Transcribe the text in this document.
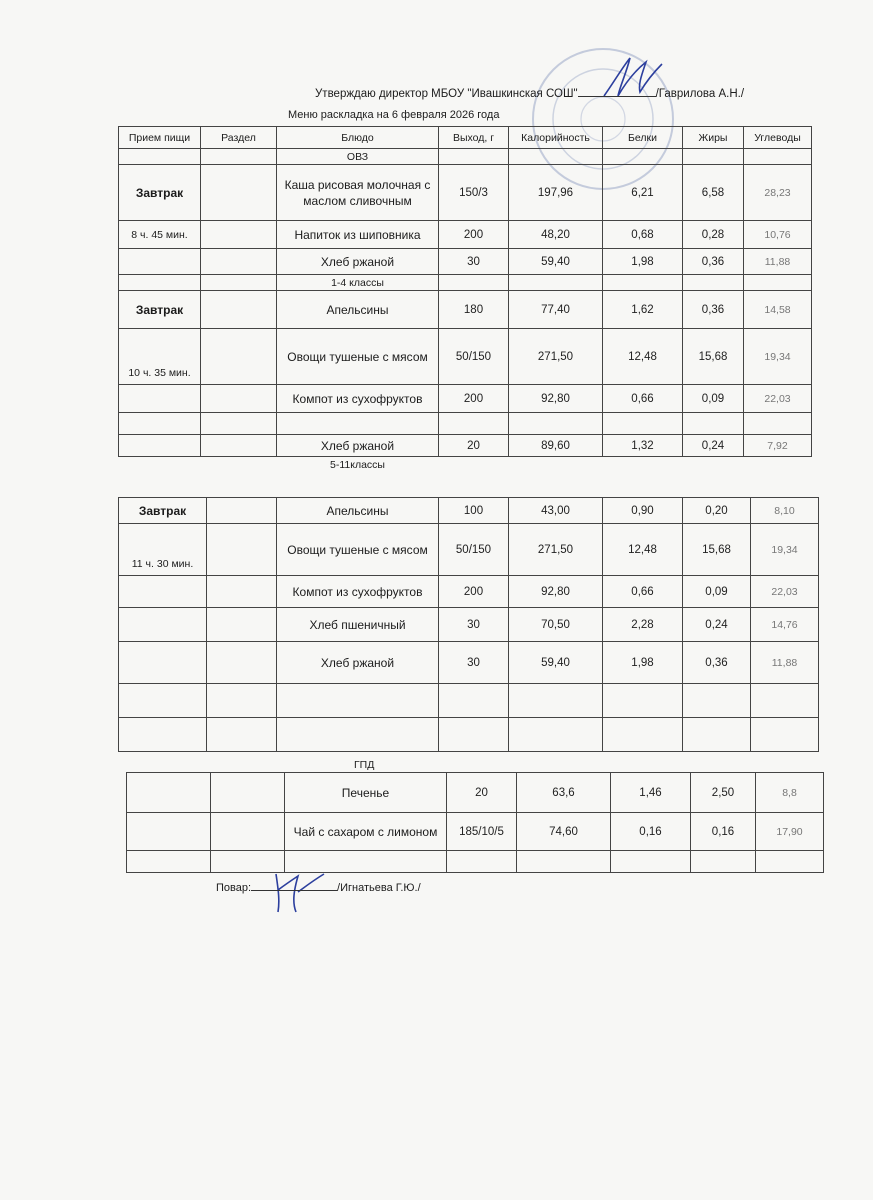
Утверждаю директор МБОУ "Ивашкинская СОШ"	/Гаврилова А.Н./
Меню раскладка на 6 февраля 2026 года
Прием пищи	Раздел	Блюдо	Выход, г	Калорийность	Белки	Жиры	Углеводы
		ОВЗ					
Завтрак		Каша рисовая молочная с маслом сливочным	150/3	197,96	6,21	6,58	28,23
8 ч. 45 мин.		Напиток из шиповника	200	48,20	0,68	0,28	10,76
		Хлеб ржаной	30	59,40	1,98	0,36	11,88
		1-4 классы					
Завтрак		Апельсины	180	77,40	1,62	0,36	14,58
10 ч. 35 мин.		Овощи тушеные с мясом	50/150	271,50	12,48	15,68	19,34
		Компот из сухофруктов	200	92,80	0,66	0,09	22,03

		Хлеб ржаной	20	89,60	1,32	0,24	7,92
		5-11классы					
Завтрак		Апельсины	100	43,00	0,90	0,20	8,10
11 ч. 30 мин.		Овощи тушеные с мясом	50/150	271,50	12,48	15,68	19,34
		Компот из сухофруктов	200	92,80	0,66	0,09	22,03
		Хлеб пшеничный	30	70,50	2,28	0,24	14,76
		Хлеб ржаной	30	59,40	1,98	0,36	11,88

ГПД
		Печенье	20	63,6	1,46	2,50	8,8
		Чай с сахаром с лимоном	185/10/5	74,60	0,16	0,16	17,90

Повар:	/Игнатьева Г.Ю./
